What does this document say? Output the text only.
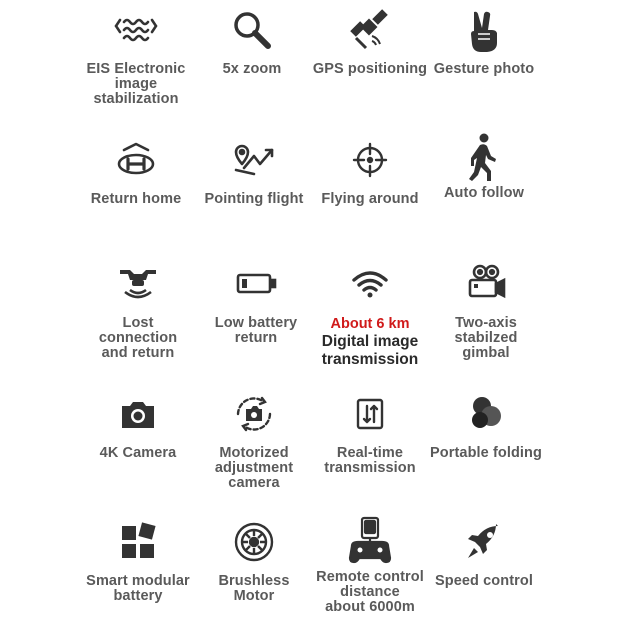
EIS Electronic
image
stabilization
5x zoom	GPS positioning Gesture photo
Return home	Pointing flight	Flying around	Auto follow
Lost
connection
and return
Low battery
return
About 6 km
Digital image
transmission
Two-axis
stabilzed
gimbal
4K Camera	Motorized
adjustment
camera
Real-time
transmission
Portable folding
Smart modular
battery
Brushless
Motor
Remote control
distance
about 6000m
Speed control
